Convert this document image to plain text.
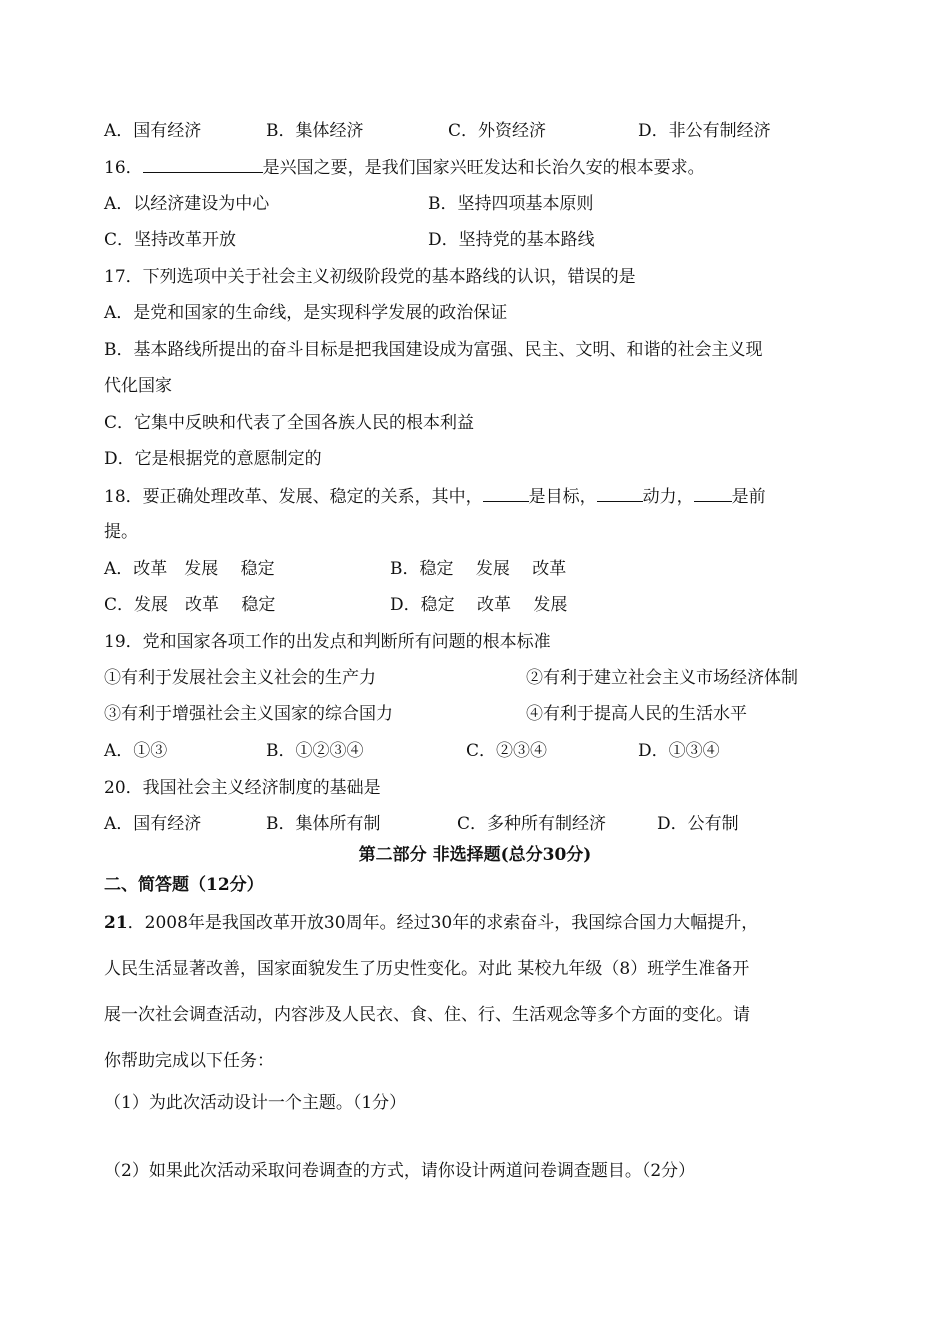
A．国有经济	B．集体经济	C．外资经济	D．非公有制经济
16．	是兴国之要，是我们国家兴旺发达和长治久安的根本要求。
A．以经济建设为中心	B．坚持四项基本原则
C．坚持改革开放	D．坚持党的基本路线
17．下列选项中关于社会主义初级阶段党的基本路线的认识，错误的是
A．是党和国家的生命线，是实现科学发展的政治保证
B．基本路线所提出的奋斗目标是把我国建设成为富强、民主、文明、和谐的社会主义现
代化国家
C．它集中反映和代表了全国各族人民的根本利益
D．它是根据党的意愿制定的
18．要正确处理改革、发展、稳定的关系，其中，	是目标，	动力， 是前
提。
A．改革　发展　 稳定	B．稳定　 发展　 改革
C．发展　改革　 稳定	D．稳定　 改革　 发展
19．党和国家各项工作的出发点和判断所有问题的根本标准
①有利于发展社会主义社会的生产力	②有利于建立社会主义市场经济体制
③有利于增强社会主义国家的综合国力	④有利于提高人民的生活水平
A．①③	B．①②③④	C．②③④	D．①③④
20．我国社会主义经济制度的基础是
A．国有经济	B．集体所有制	C．多种所有制经济	D．公有制
第二部分 非选择题(总分30分)
二、简答题（12分）
21．2008年是我国改革开放30周年。经过30年的求索奋斗，我国综合国力大幅提升，
人民生活显著改善，国家面貌发生了历史性变化。对此 某校九年级（8）班学生准备开
展一次社会调查活动，内容涉及人民衣、食、住、行、生活观念等多个方面的变化。请
你帮助完成以下任务：
（1）为此次活动设计一个主题。（1分）
（2）如果此次活动采取问卷调查的方式，请你设计两道问卷调查题目。（2分）
